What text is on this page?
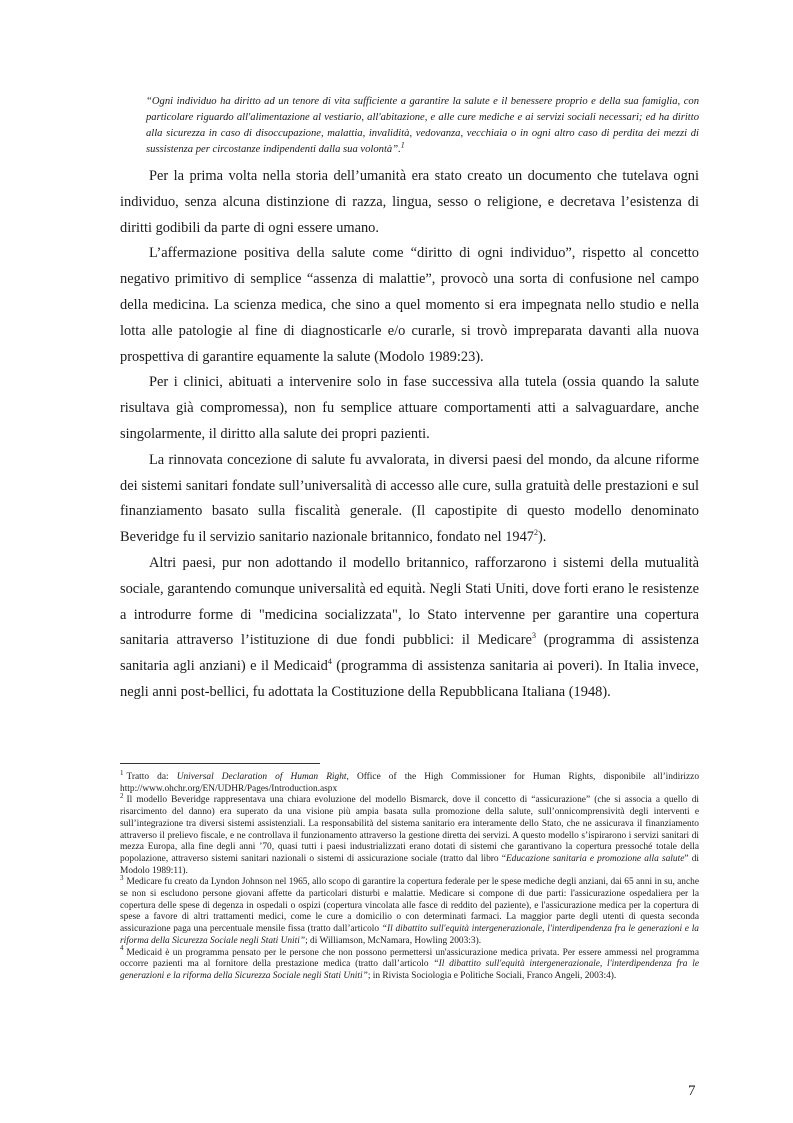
“Ogni individuo ha diritto ad un tenore di vita sufficiente a garantire la salute e il benessere proprio e della sua famiglia, con particolare riguardo all'alimentazione al vestiario, all'abitazione, e alle cure mediche e ai servizi sociali necessari; ed ha diritto alla sicurezza in caso di disoccupazione, malattia, invalidità, vedovanza, vecchiaia o in ogni altro caso di perdita dei mezzi di sussistenza per circostanze indipendenti dalla sua volontà”.$^1$

Per la prima volta nella storia dell’umanità era stato creato un documento che tutelava ogni individuo, senza alcuna distinzione di razza, lingua, sesso o religione, e decretava l’esistenza di diritti godibili da parte di ogni essere umano.

L’affermazione positiva della salute come “diritto di ogni individuo”, rispetto al concetto negativo primitivo di semplice “assenza di malattie”, provocò una sorta di confusione nel campo della medicina. La scienza medica, che sino a quel momento si era impegnata nello studio e nella lotta alle patologie al fine di diagnosticarle e/o curarle, si trovò impreparata davanti alla nuova prospettiva di garantire equamente la salute (Modolo 1989:23).

Per i clinici, abituati a intervenire solo in fase successiva alla tutela (ossia quando la salute risultava già compromessa), non fu semplice attuare comportamenti atti a salvaguardare, anche singolarmente, il diritto alla salute dei propri pazienti.

La rinnovata concezione di salute fu avvalorata, in diversi paesi del mondo, da alcune riforme dei sistemi sanitari fondate sull’universalità di accesso alle cure, sulla gratuità delle prestazioni e sul finanziamento basato sulla fiscalità generale. (Il capostipite di questo modello denominato Beveridge fu il servizio sanitario nazionale britannico, fondato nel 1947$^2$).

Altri paesi, pur non adottando il modello britannico, rafforzarono i sistemi della mutualità sociale, garantendo comunque universalità ed equità. Negli Stati Uniti, dove forti erano le resistenze a introdurre forme di "medicina socializzata", lo Stato intervenne per garantire una copertura sanitaria attraverso l’istituzione di due fondi pubblici: il Medicare$^3$ (programma di assistenza sanitaria agli anziani) e il Medicaid$^4$ (programma di assistenza sanitaria ai poveri). In Italia invece, negli anni post-bellici, fu adottata la Costituzione della Repubblicana Italiana (1948).

$^1$ Tratto da: Universal Declaration of Human Right, Office of the High Commissioner for Human Rights, disponibile all’indirizzo http://www.ohchr.org/EN/UDHR/Pages/Introduction.aspx

$^2$ Il modello Beveridge rappresentava una chiara evoluzione del modello Bismarck, dove il concetto di “assicurazione” (che si associa a quello di risarcimento del danno) era superato da una visione più ampia basata sulla promozione della salute, sull’onnicomprensività degli interventi e sull’integrazione tra diversi sistemi assistenziali. La responsabilità del sistema sanitario era interamente dello Stato, che ne assicurava il finanziamento attraverso il prelievo fiscale, e ne controllava il funzionamento attraverso la gestione diretta dei servizi. A questo modello s’ispirarono i servizi sanitari di mezza Europa, alla fine degli anni ’70, quasi tutti i paesi industrializzati erano dotati di sistemi che garantivano la copertura pressoché totale della popolazione, attraverso sistemi sanitari nazionali o sistemi di assicurazione sociale (tratto dal libro “Educazione sanitaria e promozione alla salute” di Modolo 1989:11).

$^3$ Medicare fu creato da Lyndon Johnson nel 1965, allo scopo di garantire la copertura federale per le spese mediche degli anziani, dai 65 anni in su, anche se non si escludono persone giovani affette da particolari disturbi e malattie. Medicare si compone di due parti: l'assicurazione ospedaliera per la copertura delle spese di degenza in ospedali o ospizi (copertura vincolata alle fasce di reddito del paziente), e l'assicurazione medica per la copertura di spese a favore di altri trattamenti medici, come le cure a domicilio o con determinati farmaci. La maggior parte degli utenti di questa seconda assicurazione paga una percentuale mensile fissa (tratto dall’articolo “Il dibattito sull'equità intergenerazionale, l'interdipendenza fra le generazioni e la riforma della Sicurezza Sociale negli Stati Uniti”; di Williamson, McNamara, Howling 2003:3).

$^4$ Medicaid è un programma pensato per le persone che non possono permettersi un'assicurazione medica privata. Per essere ammessi nel programma occorre pazienti ma al fornitore della prestazione medica (tratto dall’articolo “Il dibattito sull'equità intergenerazionale, l'interdipendenza fra le generazioni e la riforma della Sicurezza Sociale negli Stati Uniti”; in Rivista Sociologia e Politiche Sociali, Franco Angeli, 2003:4).

7
